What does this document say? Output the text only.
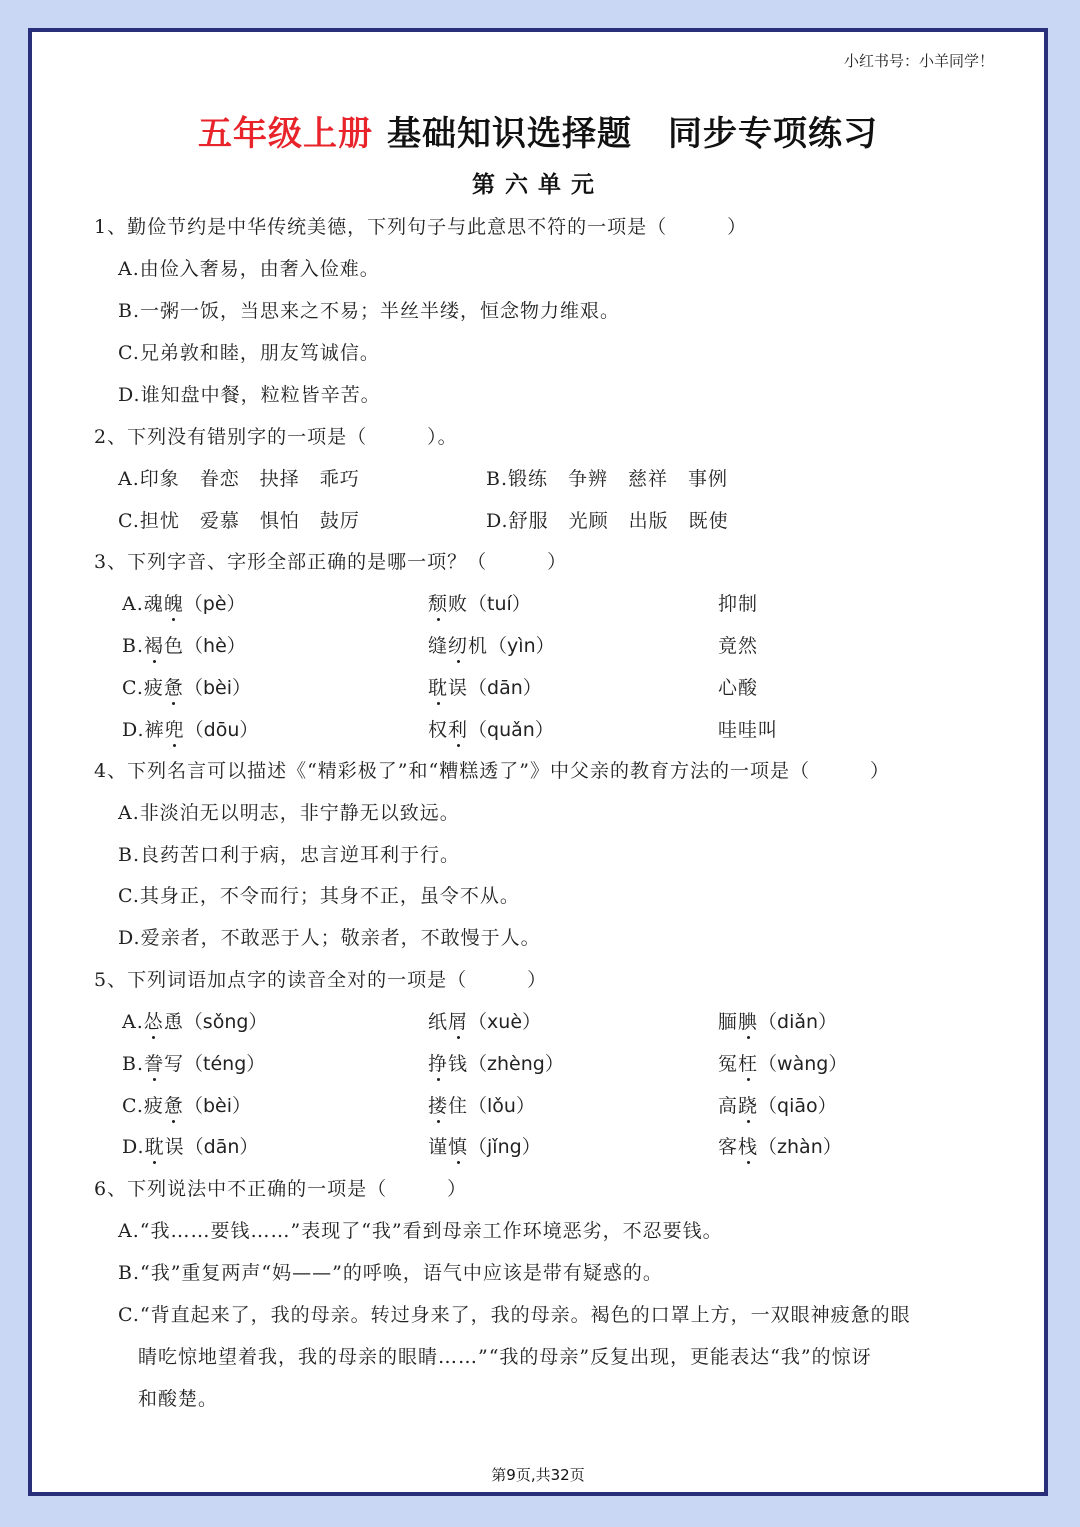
小红书号：小羊同学！
五年级上册 基础知识选择题 同步专项练习
第六单元
1、勤俭节约是中华传统美德，下列句子与此意思不符的一项是（　　　）
A.由俭入奢易，由奢入俭难。
B.一粥一饭，当思来之不易；半丝半缕，恒念物力维艰。
C.兄弟敦和睦，朋友笃诚信。
D.谁知盘中餐，粒粒皆辛苦。
2、下列没有错别字的一项是（　　　）。
A.印象　眷恋　抉择　乖巧	B.锻练　争辨　慈祥　事例
C.担忧　爱慕　惧怕　鼓厉	D.舒服　光顾　出版　既使
3、下列字音、字形全部正确的是哪一项？（　　　）
A.魂魄（pè）	颓败（tuí）	抑制
B.褐色（hè）	缝纫机（yìn）	竟然
C.疲惫（bèi）	耽误（dān）	心酸
D.裤兜（dōu）	权利（quǎn）	哇哇叫
4、下列名言可以描述《“精彩极了”和“糟糕透了”》中父亲的教育方法的一项是（　　　）
A.非淡泊无以明志，非宁静无以致远。
B.良药苦口利于病，忠言逆耳利于行。
C.其身正，不令而行；其身不正，虽令不从。
D.爱亲者，不敢恶于人；敬亲者，不敢慢于人。
5、下列词语加点字的读音全对的一项是（　　　）
A.怂恿（sǒng）	纸屑（xuè）	腼腆（diǎn）
B.誊写（téng）	挣钱（zhèng）	冤枉（wàng）
C.疲惫（bèi）	搂住（lǒu）	高跷（qiāo）
D.耽误（dān）	谨慎（jǐng）	客栈（zhàn）
6、下列说法中不正确的一项是（　　　）
A.“我……要钱……”表现了“我”看到母亲工作环境恶劣，不忍要钱。
B.“我”重复两声“妈——”的呼唤，语气中应该是带有疑惑的。
C.“背直起来了，我的母亲。转过身来了，我的母亲。褐色的口罩上方，一双眼神疲惫的眼
睛吃惊地望着我，我的母亲的眼睛……”“我的母亲”反复出现，更能表达“我”的惊讶
和酸楚。
第9页,共32页
